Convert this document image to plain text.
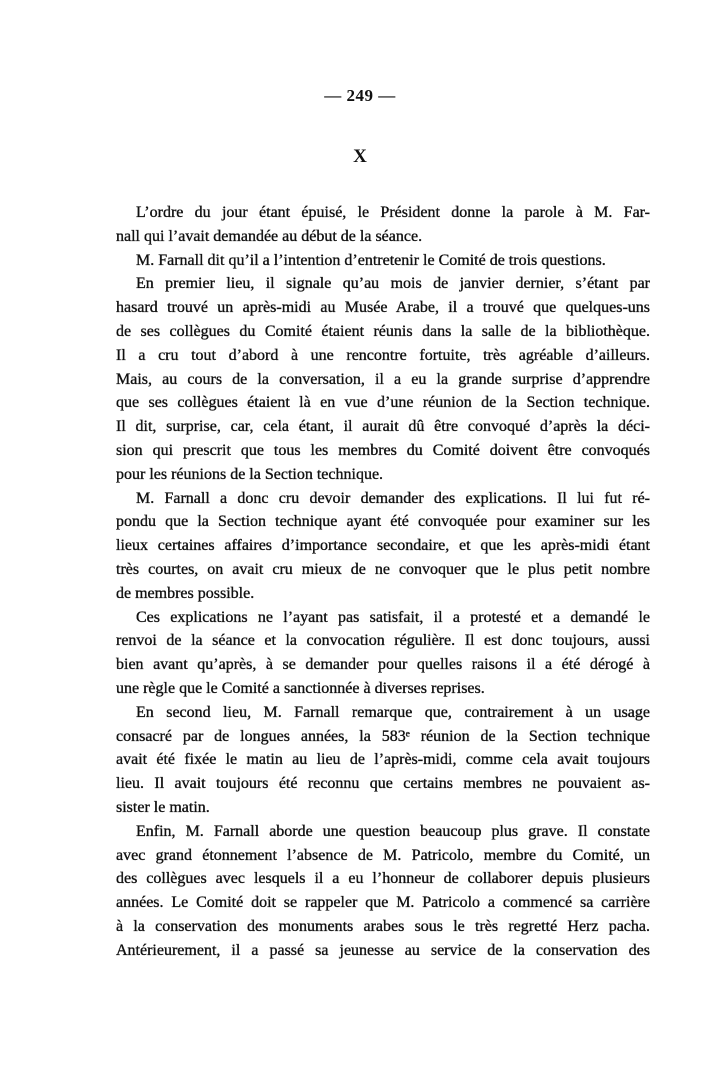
— 249 —
X
L’ordre du jour étant épuisé, le Président donne la parole à M. Far-
nall qui l’avait demandée au début de la séance.
M. Farnall dit qu’il a l’intention d’entretenir le Comité de trois questions.
En premier lieu, il signale qu’au mois de janvier dernier, s’étant par
hasard trouvé un après-midi au Musée Arabe, il a trouvé que quelques-uns
de ses collègues du Comité étaient réunis dans la salle de la bibliothèque.
Il a cru tout d’abord à une rencontre fortuite, très agréable d’ailleurs.
Mais, au cours de la conversation, il a eu la grande surprise d’apprendre
que ses collègues étaient là en vue d’une réunion de la Section technique.
Il dit, surprise, car, cela étant, il aurait dû être convoqué d’après la déci-
sion qui prescrit que tous les membres du Comité doivent être convoqués
pour les réunions de la Section technique.
M. Farnall a donc cru devoir demander des explications. Il lui fut ré-
pondu que la Section technique ayant été convoquée pour examiner sur les
lieux certaines affaires d’importance secondaire, et que les après-midi étant
très courtes, on avait cru mieux de ne convoquer que le plus petit nombre
de membres possible.
Ces explications ne l’ayant pas satisfait, il a protesté et a demandé le
renvoi de la séance et la convocation régulière. Il est donc toujours, aussi
bien avant qu’après, à se demander pour quelles raisons il a été dérogé à
une règle que le Comité a sanctionnée à diverses reprises.
En second lieu, M. Farnall remarque que, contrairement à un usage
consacré par de longues années, la 583ᵉ réunion de la Section technique
avait été fixée le matin au lieu de l’après-midi, comme cela avait toujours
lieu. Il avait toujours été reconnu que certains membres ne pouvaient as-
sister le matin.
Enfin, M. Farnall aborde une question beaucoup plus grave. Il constate
avec grand étonnement l’absence de M. Patricolo, membre du Comité, un
des collègues avec lesquels il a eu l’honneur de collaborer depuis plusieurs
années. Le Comité doit se rappeler que M. Patricolo a commencé sa carrière
à la conservation des monuments arabes sous le très regretté Herz pacha.
Antérieurement, il a passé sa jeunesse au service de la conservation des
